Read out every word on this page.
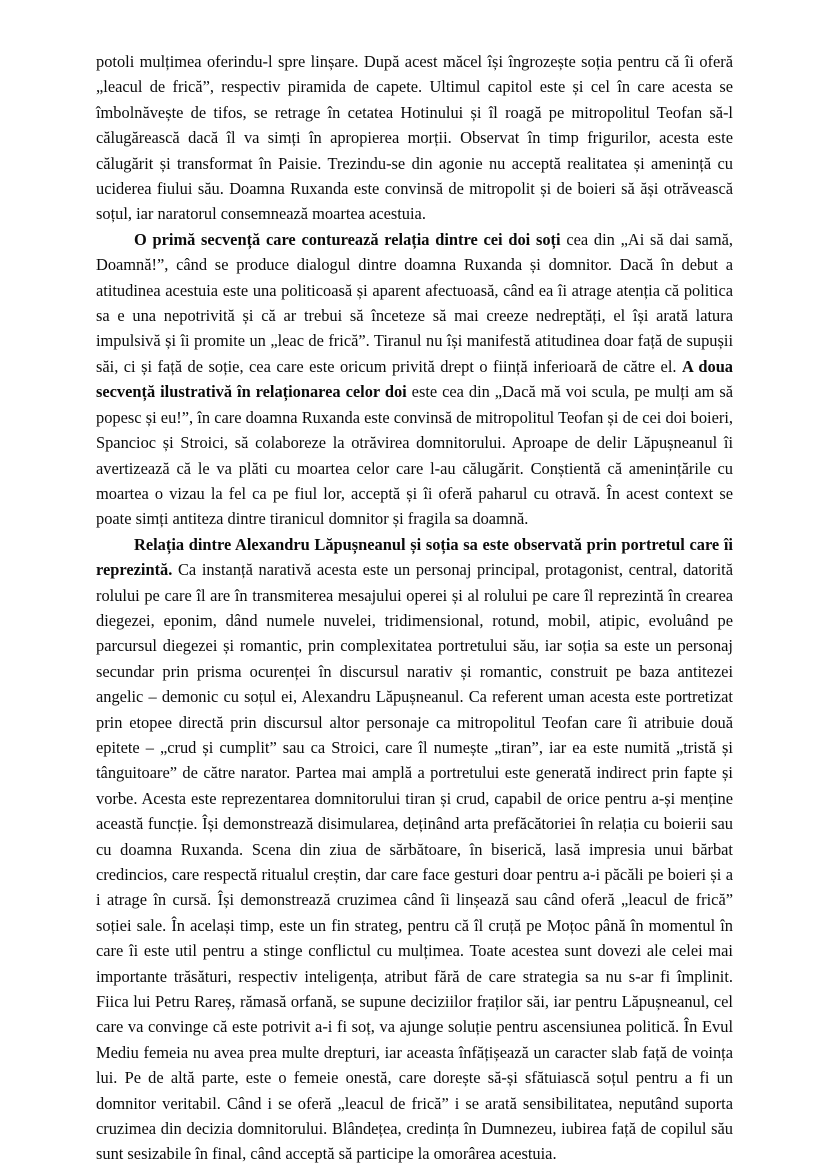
potoli mulțimea oferindu-l spre linșare. După acest măcel își îngrozește soția pentru că îi oferă „leacul de frică”, respectiv piramida de capete. Ultimul capitol este și cel în care acesta se îmbolnăvește de tifos, se retrage în cetatea Hotinului și îl roagă pe mitropolitul Teofan să-l călugărească dacă îl va simți în apropierea morții. Observat în timp frigurilor, acesta este călugărit și transformat în Paisie. Trezindu-se din agonie nu acceptă realitatea și amenință cu uciderea fiului său. Doamna Ruxanda este convinsă de mitropolit și de boieri să ăși otrăvească soțul, iar naratorul consemnează moartea acestuia.

O primă secvență care conturează relația dintre cei doi soți cea din „Ai să dai samă, Doamnă!”, când se produce dialogul dintre doamna Ruxanda și domnitor. Dacă în debut a atitudinea acestuia este una politicoasă și aparent afectuoasă, când ea îi atrage atenția că politica sa e una nepotrivită și că ar trebui să înceteze să mai creeze nedreptăți, el își arată latura impulsivă și îi promite un „leac de frică”. Tiranul nu își manifestă atitudinea doar față de supușii săi, ci și față de soție, cea care este oricum privită drept o ființă inferioară de către el. A doua secvență ilustrativă în relaționarea celor doi este cea din „Dacă mă voi scula, pe mulți am să popesc și eu!”, în care doamna Ruxanda este convinsă de mitropolitul Teofan și de cei doi boieri, Spancioc și Stroici, să colaboreze la otrăvirea domnitorului. Aproape de delir Lăpușneanul îi avertizează că le va plăti cu moartea celor care l-au călugărit. Conștientă că amenințările cu moartea o vizau la fel ca pe fiul lor, acceptă și îi oferă paharul cu otravă. În acest context se poate simți antiteza dintre tiranicul domnitor și fragila sa doamnă.

Relația dintre Alexandru Lăpușneanul și soția sa este observată prin portretul care îi reprezintă. Ca instanță narativă acesta este un personaj principal, protagonist, central, datorită rolului pe care îl are în transmiterea mesajului operei și al rolului pe care îl reprezintă în crearea diegezei, eponim, dând numele nuvelei, tridimensional, rotund, mobil, atipic, evoluând pe parcursul diegezei și romantic, prin complexitatea portretului său, iar soția sa este un personaj secundar prin prisma ocurenței în discursul narativ și romantic, construit pe baza antitezei angelic – demonic cu soțul ei, Alexandru Lăpușneanul. Ca referent uman acesta este portretizat prin etopee directă prin discursul altor personaje ca mitropolitul Teofan care îi atribuie două epitete – „crud și cumplit” sau ca Stroici, care îl numește „tiran”, iar ea este numită „tristă și tânguitoare” de către narator. Partea mai amplă a portretului este generată indirect prin fapte și vorbe. Acesta este reprezentarea domnitorului tiran și crud, capabil de orice pentru a-și menține această funcție. Își demonstrează disimularea, deținând arta prefăcătoriei în relația cu boierii sau cu doamna Ruxanda. Scena din ziua de sărbătoare, în biserică, lasă impresia unui bărbat credincios, care respectă ritualul creștin, dar care face gesturi doar pentru a-i păcăli pe boieri și a i atrage în cursă. Își demonstrează cruzimea când îi linșează sau când oferă „leacul de frică” soției sale. În același timp, este un fin strateg, pentru că îl cruță pe Moțoc până în momentul în care îi este util pentru a stinge conflictul cu mulțimea. Toate acestea sunt dovezi ale celei mai importante trăsături, respectiv inteligența, atribut fără de care strategia sa nu s-ar fi împlinit. Fiica lui Petru Rareș, rămasă orfană, se supune deciziilor fraților săi, iar pentru Lăpușneanul, cel care va convinge că este potrivit a-i fi soț, va ajunge soluție pentru ascensiunea politică. În Evul Mediu femeia nu avea prea multe drepturi, iar aceasta înfățișează un caracter slab față de voința lui. Pe de altă parte, este o femeie onestă, care dorește să-și sfătuiască soțul pentru a fi un domnitor veritabil. Când i se oferă „leacul de frică” i se arată sensibilitatea, neputând suporta cruzimea din decizia domnitorului. Blândețea, credința în Dumnezeu, iubirea față de copilul său sunt sesizabile în final, când acceptă să participe la omorârea acestuia.
